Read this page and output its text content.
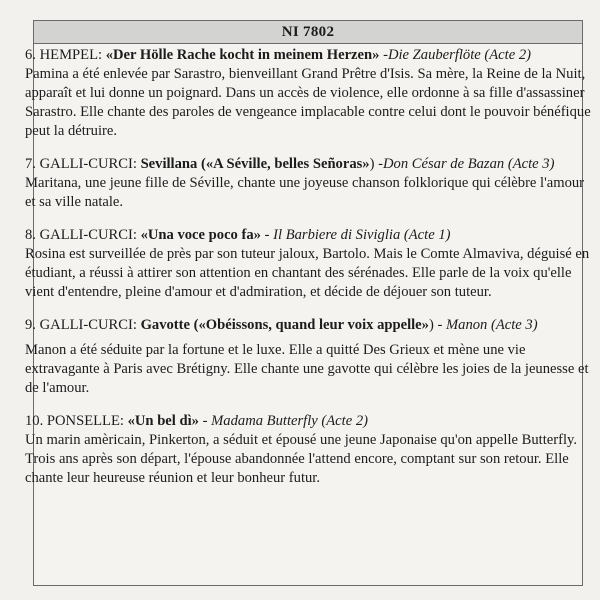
NI 7802
6. HEMPEL: «Der Hölle Rache kocht in meinem Herzen» -Die Zauberflöte (Acte 2)

Pamina a été enlevée par Sarastro, bienveillant Grand Prêtre d'Isis. Sa mère, la Reine de la Nuit, apparaît et lui donne un poignard. Dans un accès de violence, elle ordonne à sa fille d'assassiner Sarastro. Elle chante des paroles de vengeance implacable contre celui dont le pouvoir bénéfique peut la détruire.

7. GALLI-CURCI: Sevillana («A Séville, belles Señoras») -Don César de Bazan (Acte 3)

Maritana, une jeune fille de Séville, chante une joyeuse chanson folklorique qui célèbre l'amour et sa ville natale.

8. GALLI-CURCI: «Una voce poco fa» - Il Barbiere di Siviglia (Acte 1)

Rosina est surveillée de près par son tuteur jaloux, Bartolo. Mais le Comte Almaviva, déguisé en étudiant, a réussi à attirer son attention en chantant des sérénades. Elle parle de la voix qu'elle vient d'entendre, pleine d'amour et d'admiration, et décide de déjouer son tuteur.

9. GALLI-CURCI: Gavotte («Obéissons, quand leur voix appelle») - Manon (Acte 3)

Manon a été séduite par la fortune et le luxe. Elle a quitté Des Grieux et mène une vie extravagante à Paris avec Brétigny. Elle chante une gavotte qui célèbre les joies de la jeunesse et de l'amour.

10. PONSELLE: «Un bel dì» - Madama Butterfly (Acte 2)

Un marin amèricain, Pinkerton, a séduit et épousé une jeune Japonaise qu'on appelle Butterfly. Trois ans après son départ, l'épouse abandonnée l'attend encore, comptant sur son retour. Elle chante leur heureuse réunion et leur bonheur futur.
